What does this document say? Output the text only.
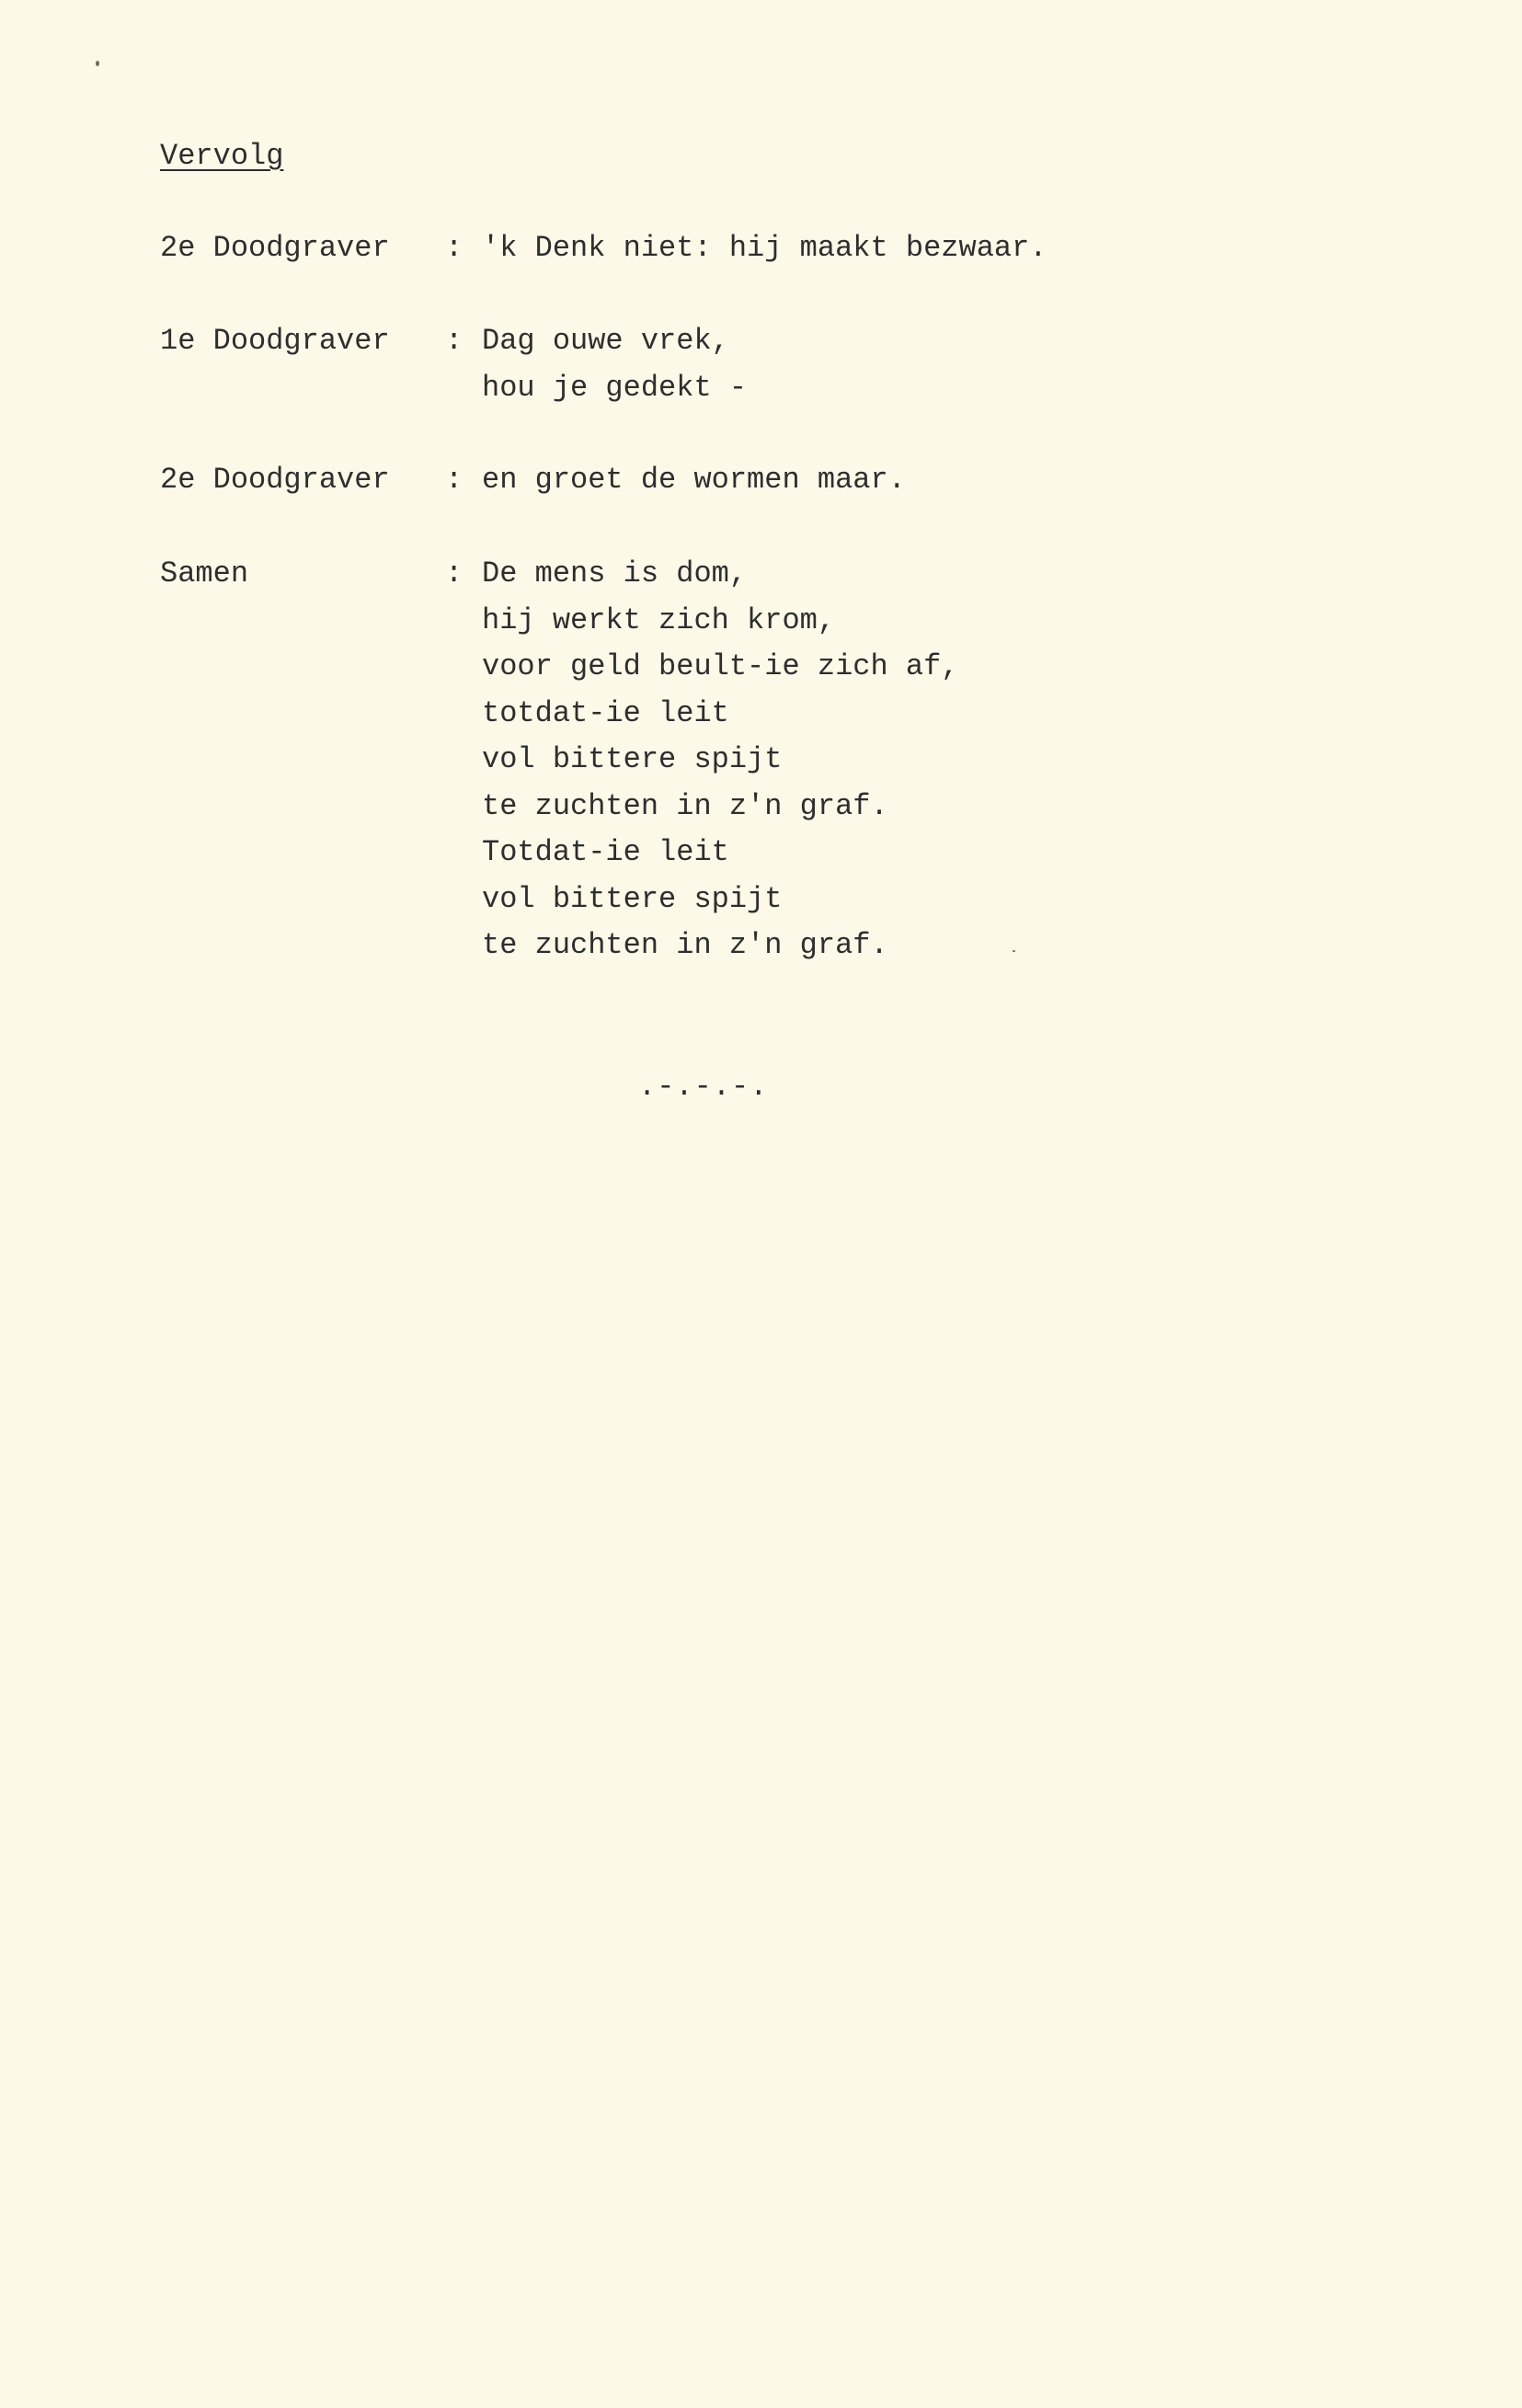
Vervolg
2e Doodgraver : 'k Denk niet: hij maakt bezwaar.
1e Doodgraver : Dag ouwe vrek,
hou je gedekt -
2e Doodgraver : en groet de wormen maar.
Samen	: De mens is dom,
hij werkt zich krom,
voor geld beult-ie zich af,
totdat-ie leit
vol bittere spijt
te zuchten in z'n graf.
Totdat-ie leit
vol bittere spijt
te zuchten in z'n graf.
.-.-.-.
